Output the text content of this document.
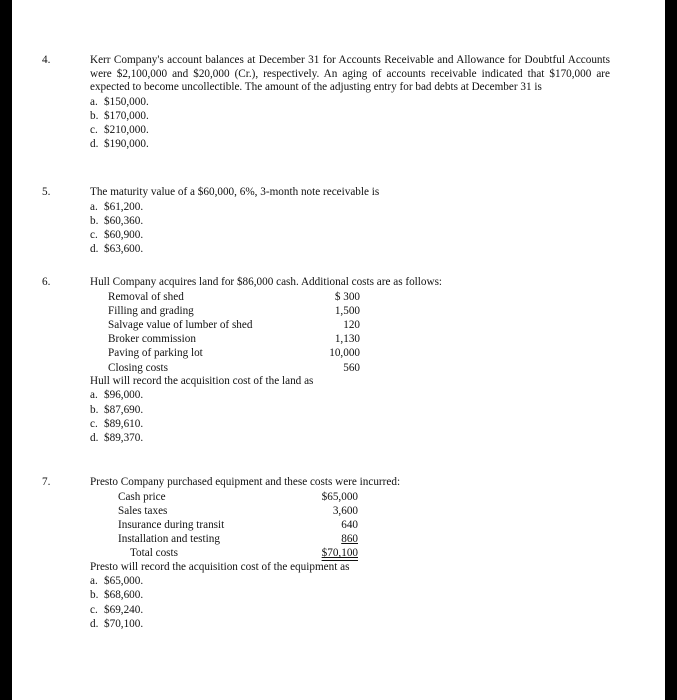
4.	Kerr Company's account balances at December 31 for Accounts Receivable and Allowance for Doubtful Accounts were $2,100,000 and $20,000 (Cr.), respectively. An aging of accounts receivable indicated that $170,000 are expected to become uncollectible. The amount of the adjusting entry for bad debts at December 31 is

a. $150,000.
b. $170,000.
c. $210,000.
d. $190,000.
5.	The maturity value of a $60,000, 6%, 3-month note receivable is

a. $61,200.
b. $60,360.
c. $60,900.
d. $63,600.
6.	Hull Company acquires land for $86,000 cash. Additional costs are as follows:

Removal of shed	$ 300
Filling and grading	1,500
Salvage value of lumber of shed	120
Broker commission	1,130
Paving of parking lot	10,000
Closing costs	560

Hull will record the acquisition cost of the land as

a. $96,000.
b. $87,690.
c. $89,610.
d. $89,370.
7.	Presto Company purchased equipment and these costs were incurred:

Cash price	$65,000
Sales taxes	3,600
Insurance during transit	640
Installation and testing	860
Total costs	$70,100

Presto will record the acquisition cost of the equipment as

a. $65,000.
b. $68,600.
c. $69,240.
d. $70,100.
